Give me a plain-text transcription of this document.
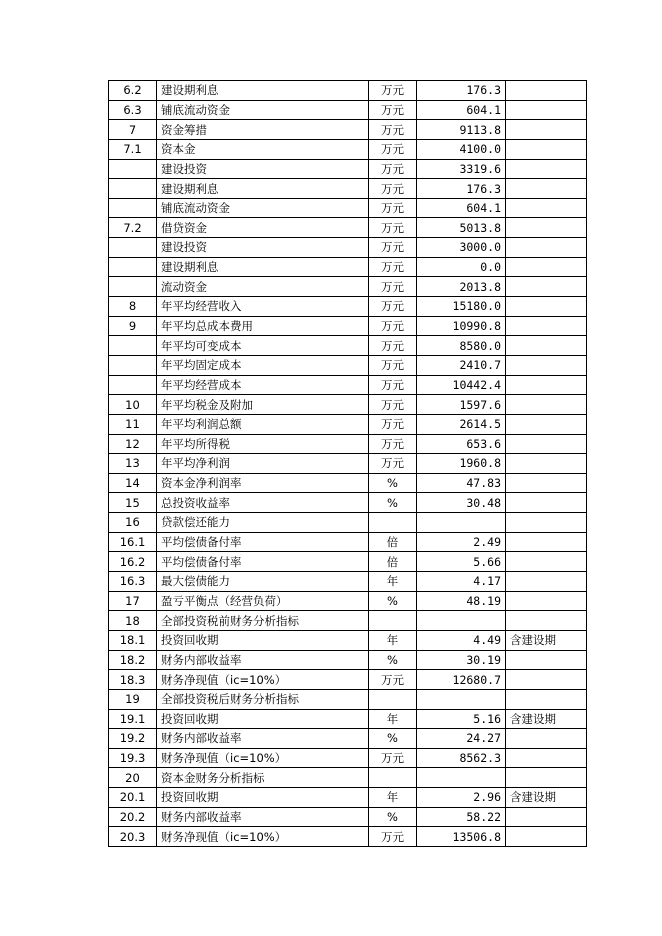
6.2	建设期利息	万元	176.3	
6.3	铺底流动资金	万元	604.1	
7	资金筹措	万元	9113.8	
7.1	资本金	万元	4100.0	
	建设投资	万元	3319.6	
	建设期利息	万元	176.3	
	铺底流动资金	万元	604.1	
7.2	借贷资金	万元	5013.8	
	建设投资	万元	3000.0	
	建设期利息	万元	0.0	
	流动资金	万元	2013.8	
8	年平均经营收入	万元	15180.0	
9	年平均总成本费用	万元	10990.8	
	年平均可变成本	万元	8580.0	
	年平均固定成本	万元	2410.7	
	年平均经营成本	万元	10442.4	
10	年平均税金及附加	万元	1597.6	
11	年平均利润总额	万元	2614.5	
12	年平均所得税	万元	653.6	
13	年平均净利润	万元	1960.8	
14	资本金净利润率	%	47.83	
15	总投资收益率	%	30.48	
16	贷款偿还能力			
16.1	平均偿债备付率	倍	2.49	
16.2	平均偿债备付率	倍	5.66	
16.3	最大偿债能力	年	4.17	
17	盈亏平衡点（经营负荷）	%	48.19	
18	全部投资税前财务分析指标			
18.1	投资回收期	年	4.49	含建设期
18.2	财务内部收益率	%	30.19	
18.3	财务净现值（ic=10%）	万元	12680.7	
19	全部投资税后财务分析指标			
19.1	投资回收期	年	5.16	含建设期
19.2	财务内部收益率	%	24.27	
19.3	财务净现值（ic=10%）	万元	8562.3	
20	资本金财务分析指标			
20.1	投资回收期	年	2.96	含建设期
20.2	财务内部收益率	%	58.22	
20.3	财务净现值（ic=10%）	万元	13506.8	
